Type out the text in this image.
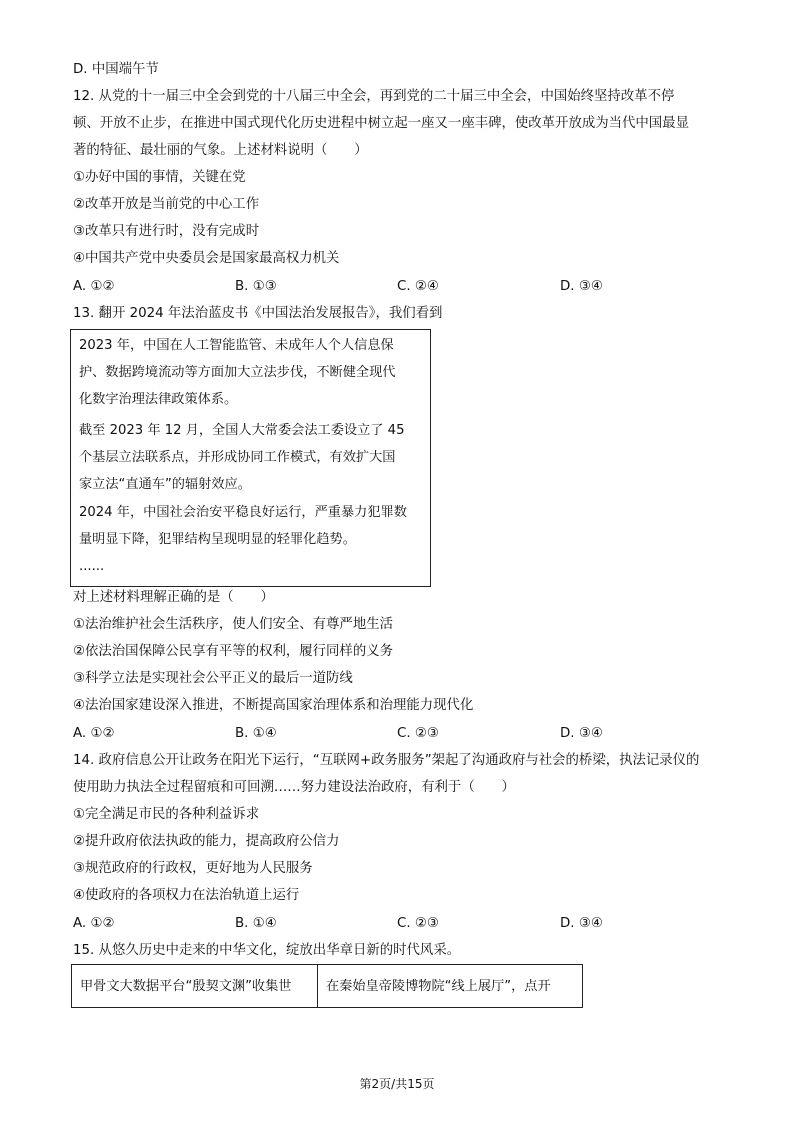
D. 中国端午节
12. 从党的十一届三中全会到党的十八届三中全会，再到党的二十届三中全会，中国始终坚持改革不停
顿、开放不止步，在推进中国式现代化历史进程中树立起一座又一座丰碑，使改革开放成为当代中国最显
著的特征、最壮丽的气象。上述材料说明（　　）
①办好中国的事情，关键在党
②改革开放是当前党的中心工作
③改革只有进行时，没有完成时
④中国共产党中央委员会是国家最高权力机关
A. ①②	B. ①③	C. ②④	D. ③④
13. 翻开 2024 年法治蓝皮书《中国法治发展报告》，我们看到
2023 年，中国在人工智能监管、未成年人个人信息保
护、数据跨境流动等方面加大立法步伐，不断健全现代
化数字治理法律政策体系。
截至 2023 年 12 月，全国人大常委会法工委设立了 45
个基层立法联系点，并形成协同工作模式，有效扩大国
家立法“直通车”的辐射效应。
2024 年，中国社会治安平稳良好运行，严重暴力犯罪数
量明显下降，犯罪结构呈现明显的轻罪化趋势。
......
对上述材料理解正确的是（　　）
①法治维护社会生活秩序，使人们安全、有尊严地生活
②依法治国保障公民享有平等的权利，履行同样的义务
③科学立法是实现社会公平正义的最后一道防线
④法治国家建设深入推进，不断提高国家治理体系和治理能力现代化
A. ①②	B. ①④	C. ②③	D. ③④
14. 政府信息公开让政务在阳光下运行，“互联网+政务服务”架起了沟通政府与社会的桥梁，执法记录仪的
使用助力执法全过程留痕和可回溯……努力建设法治政府，有利于（　　）
①完全满足市民的各种利益诉求
②提升政府依法执政的能力，提高政府公信力
③规范政府的行政权，更好地为人民服务
④使政府的各项权力在法治轨道上运行
A. ①②	B. ①④	C. ②③	D. ③④
15. 从悠久历史中走来的中华文化，绽放出华章日新的时代风采。
甲骨文大数据平台“殷契文渊”收集世	在秦始皇帝陵博物院“线上展厅”，点开
第2页/共15页
